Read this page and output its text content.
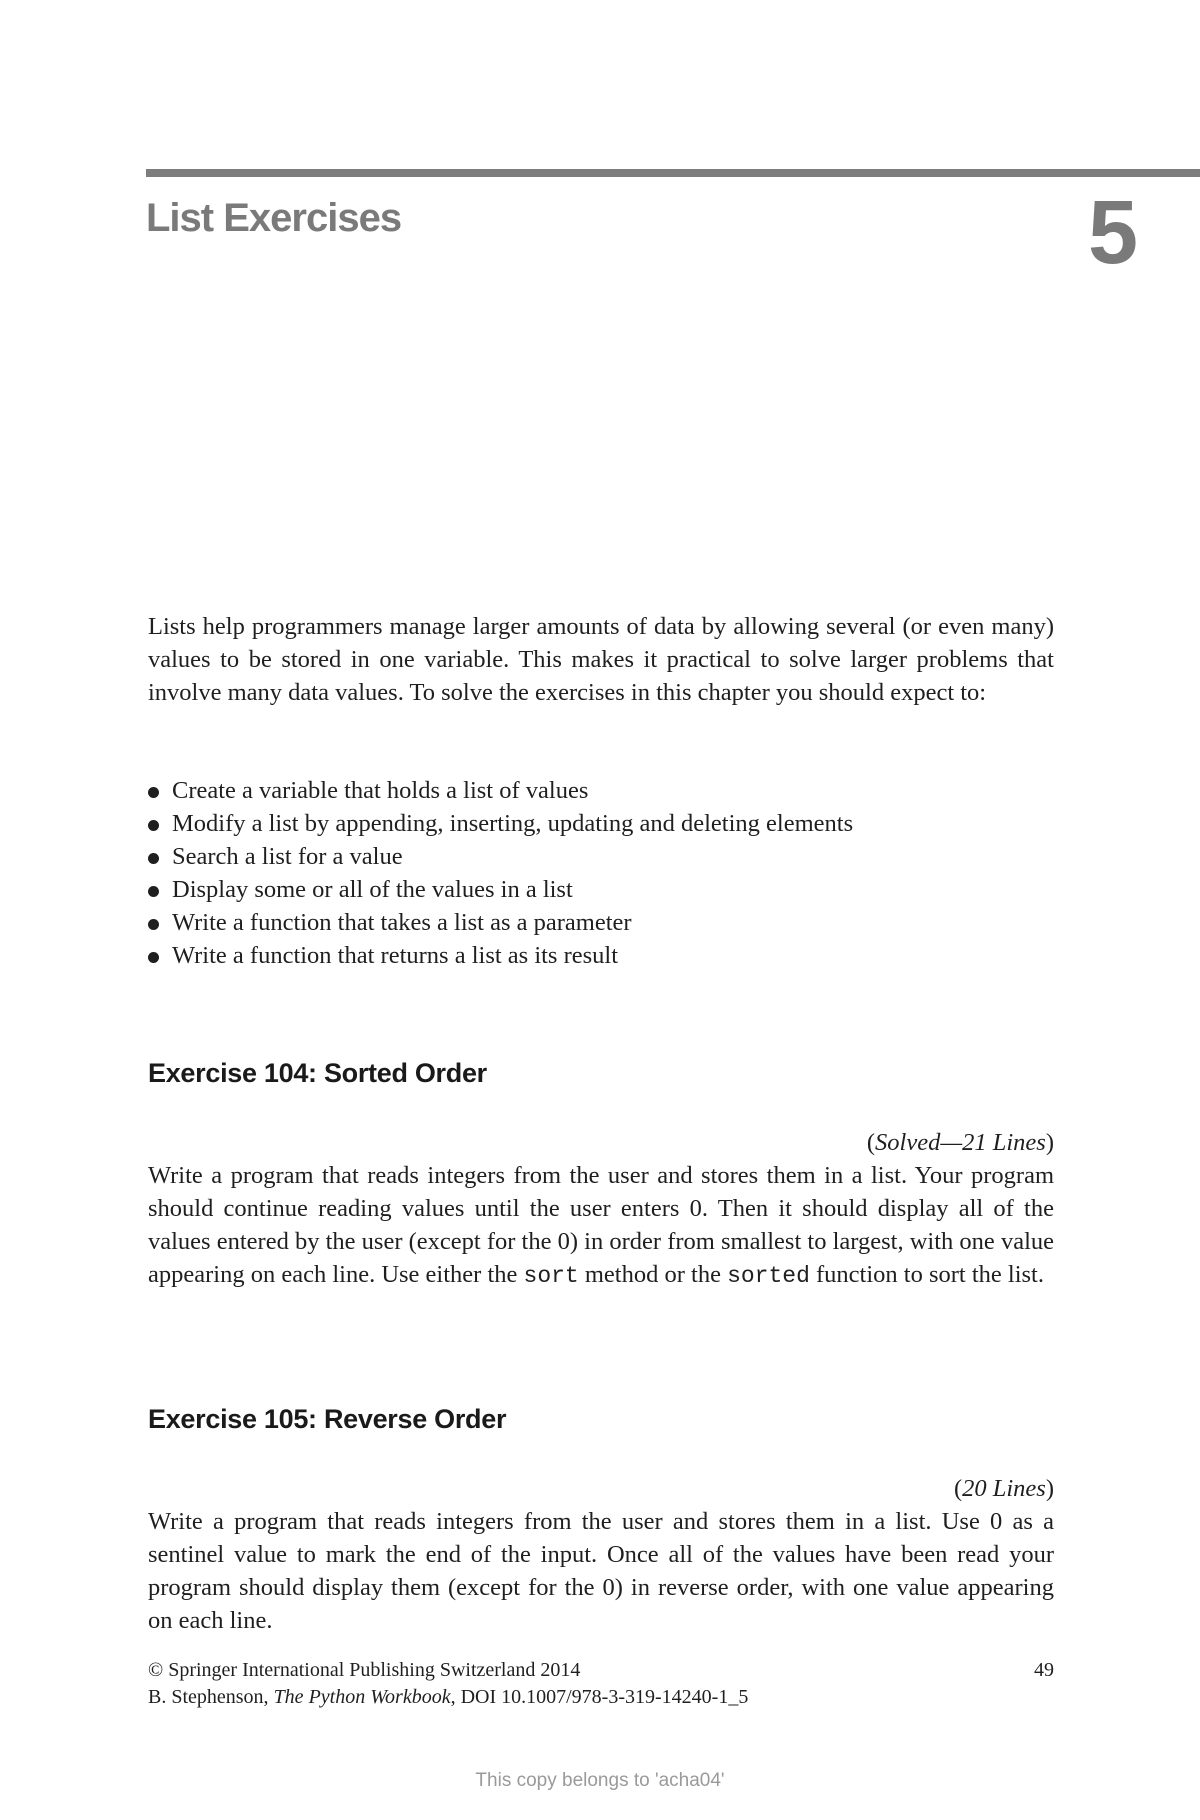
List Exercises	5

Lists help programmers manage larger amounts of data by allowing several (or even many) values to be stored in one variable. This makes it practical to solve larger problems that involve many data values. To solve the exercises in this chapter you should expect to:

Create a variable that holds a list of values
Modify a list by appending, inserting, updating and deleting elements
Search a list for a value
Display some or all of the values in a list
Write a function that takes a list as a parameter
Write a function that returns a list as its result
Exercise 104: Sorted Order

(Solved—21 Lines)

Write a program that reads integers from the user and stores them in a list. Your program should continue reading values until the user enters 0. Then it should display all of the values entered by the user (except for the 0) in order from smallest to largest, with one value appearing on each line. Use either the sort method or the sorted function to sort the list.

Exercise 105: Reverse Order

(20 Lines)

Write a program that reads integers from the user and stores them in a list. Use 0 as a sentinel value to mark the end of the input. Once all of the values have been read your program should display them (except for the 0) in reverse order, with one value appearing on each line.

© Springer International Publishing Switzerland 2014	49
B. Stephenson, The Python Workbook, DOI 10.1007/978-3-319-14240-1_5
This copy belongs to 'acha04'
